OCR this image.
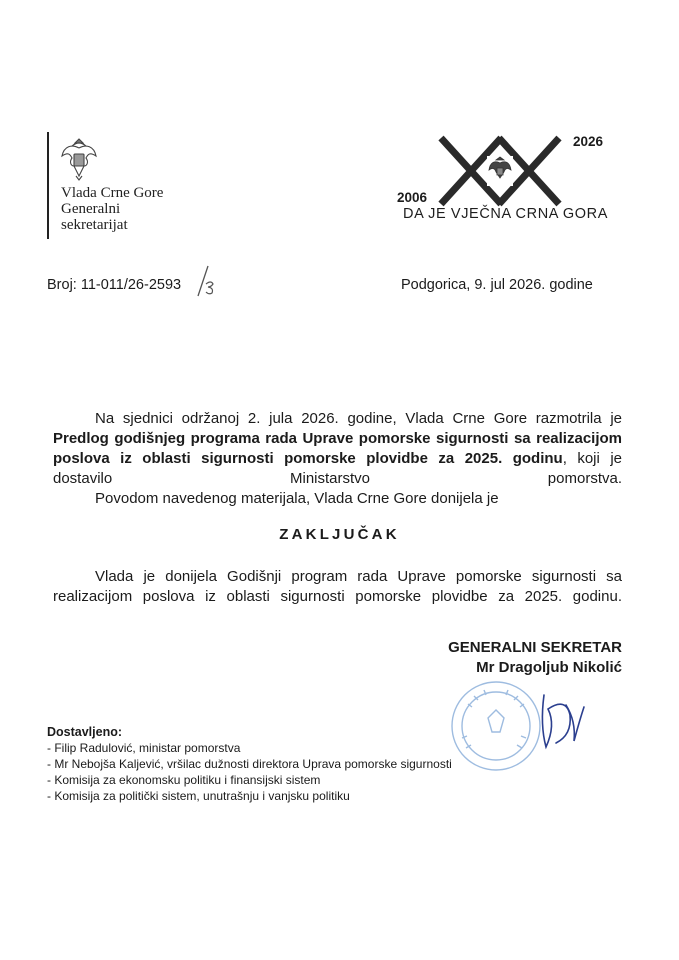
Vlada Crne Gore
Generalni
sekretarijat
2006
2026
DA JE VJEČNA CRNA GORA
Broj: 11-011/26-2593	Podgorica, 9. jul 2026. godine
Na sjednici održanoj 2. jula 2026. godine, Vlada Crne Gore razmotrila je Predlog godišnjeg programa rada Uprave pomorske sigurnosti sa realizacijom poslova iz oblasti sigurnosti pomorske plovidbe za 2025. godinu, koji je dostavilo Ministarstvo pomorstva.
Povodom navedenog materijala, Vlada Crne Gore donijela je
ZAKLJUČAK
Vlada je donijela Godišnji program rada Uprave pomorske sigurnosti sa realizacijom poslova iz oblasti sigurnosti pomorske plovidbe za 2025. godinu.
GENERALNI SEKRETAR
Mr Dragoljub Nikolić
Dostavljeno:
- Filip Radulović, ministar pomorstva
- Mr Nebojša Kaljević, vršilac dužnosti direktora Uprava pomorske sigurnosti
- Komisija za ekonomsku politiku i finansijski sistem
- Komisija za politički sistem, unutrašnju i vanjsku politiku
